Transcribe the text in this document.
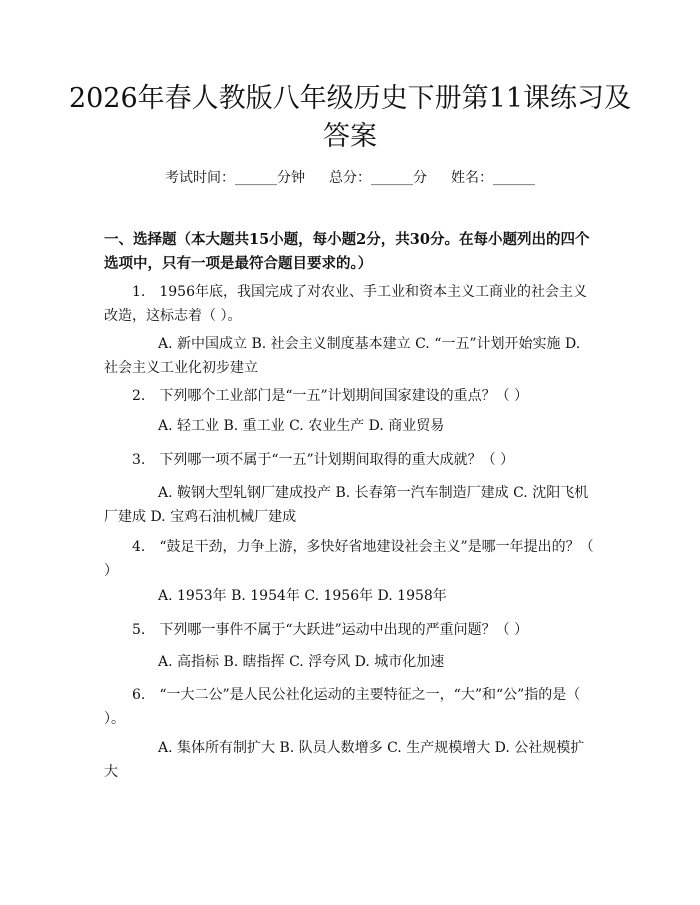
2026年春人教版八年级历史下册第11课练习及答案
考试时间：______分钟 总分：______分 姓名：______

一、选择题（本大题共15小题，每小题2分，共30分。在每小题列出的四个选项中，只有一项是最符合题目要求的。）

1. 1956年底，我国完成了对农业、手工业和资本主义工商业的社会主义改造，这标志着（ ）。

A. 新中国成立 B. 社会主义制度基本建立 C. “一五”计划开始实施 D. 社会主义工业化初步建立

2. 下列哪个工业部门是“一五”计划期间国家建设的重点？（ ）

A. 轻工业 B. 重工业 C. 农业生产 D. 商业贸易

3. 下列哪一项不属于“一五”计划期间取得的重大成就？（ ）

A. 鞍钢大型轧钢厂建成投产 B. 长春第一汽车制造厂建成 C. 沈阳飞机厂建成 D. 宝鸡石油机械厂建成

4. “鼓足干劲，力争上游，多快好省地建设社会主义”是哪一年提出的？（ ）

A. 1953年 B. 1954年 C. 1956年 D. 1958年

5. 下列哪一事件不属于“大跃进”运动中出现的严重问题？（ ）

A. 高指标 B. 瞎指挥 C. 浮夸风 D. 城市化加速

6. “一大二公”是人民公社化运动的主要特征之一，“大”和“公”指的是（ ）。

A. 集体所有制扩大 B. 队员人数增多 C. 生产规模增大 D. 公社规模扩大
